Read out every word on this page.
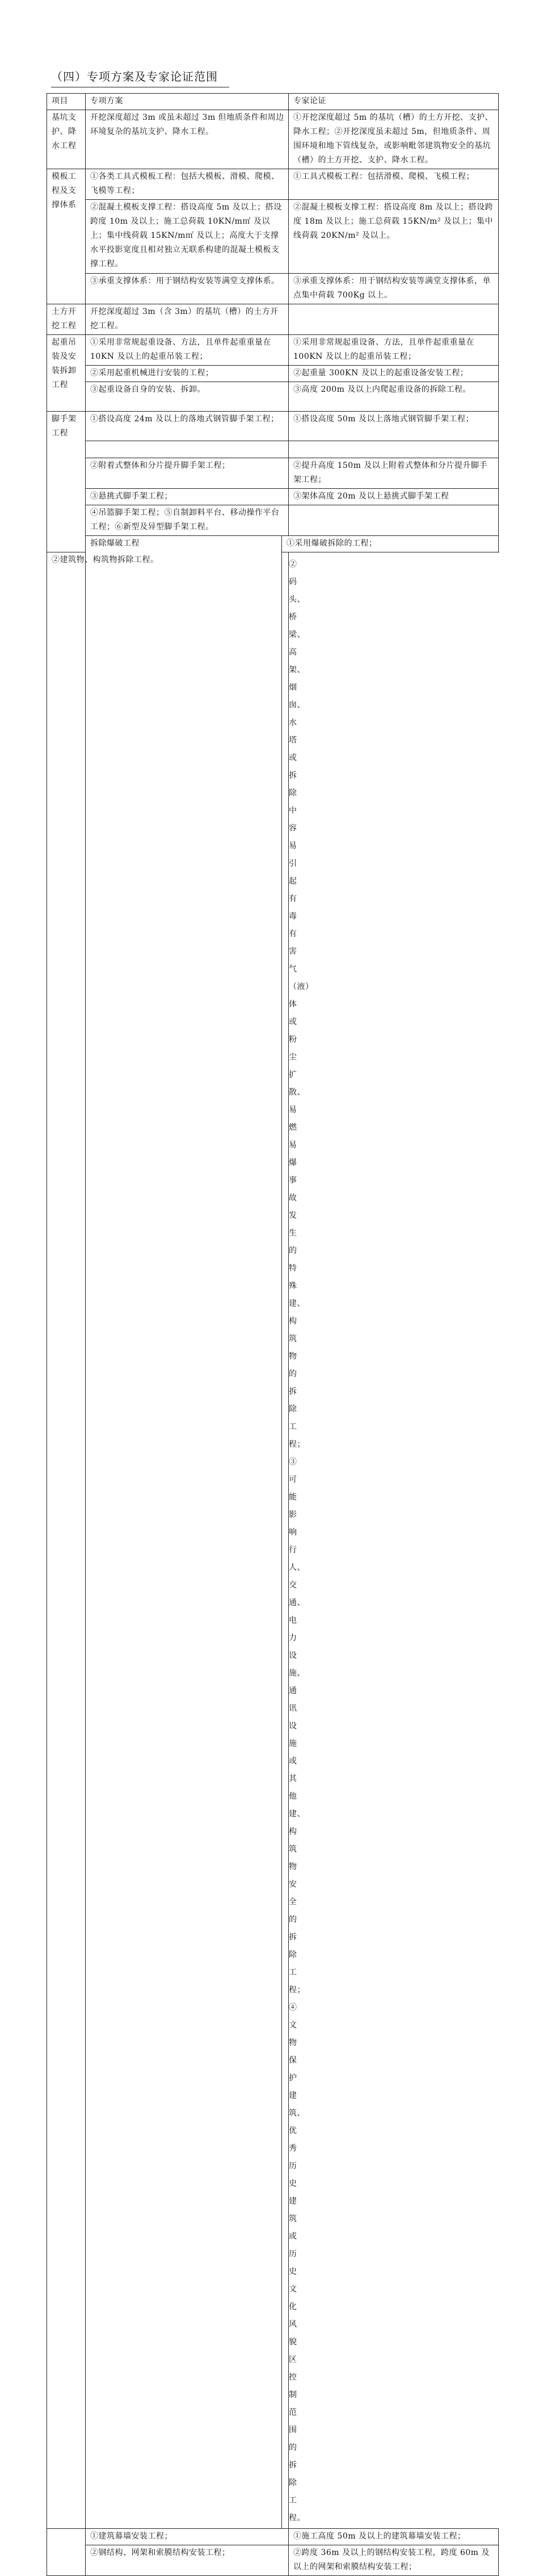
（四）专项方案及专家论证范围
项目	专项方案		专家论证
基坑支护、降水工程	开挖深度超过 3m 或虽未超过 3m 但地质条件和周边环境复杂的基坑支护、降水工程。		①开挖深度超过 5m 的基坑（槽）的土方开挖、支护、降水工程；②开挖深度虽未超过 5m，但地质条件、周围环境和地下管线复杂，或影响毗邻建筑物安全的基坑（槽）的土方开挖、支护、降水工程。
模板工程及支撑体系	①各类工具式模板工程：包括大模板、滑模、爬模、飞模等工程；		①工具式模板工程：包括滑模、爬模、飞模工程；
	②混凝土模板支撑工程：搭设高度 5m 及以上；搭设跨度 10m 及以上；施工总荷载 10KN/m㎡ 及以上；集中线荷载 15KN/m㎡ 及以上；高度大于支撑水平投影宽度且相对独立无联系构建的混凝土模板支撑工程。		②混凝土模板支撑工程：搭设高度 8m 及以上；搭设跨度 18m 及以上；施工总荷载 15KN/m² 及以上；集中线荷载 20KN/m² 及以上。
	③承重支撑体系：用于钢结构安装等满堂支撑体系。		③承重支撑体系：用于钢结构安装等满堂支撑体系，单点集中荷载 700Kg 以上。
土方开挖工程	开挖深度超过 3m（含 3m）的基坑（槽）的土方开挖工程。		
起重吊装及安装拆卸工程	①采用非常规起重设备、方法，且单件起重重量在 10KN 及以上的起重吊装工程；		①采用非常规起重设备、方法，且单件起重重量在 100KN 及以上的起重吊装工程；
	②采用起重机械进行安装的工程；		②起重量 300KN 及以上的起重设备安装工程；
	③起重设备自身的安装、拆卸。		③高度 200m 及以上内爬起重设备的拆除工程。
脚手架工程	①搭设高度 24m 及以上的落地式钢管脚手架工程；		①搭设高度 50m 及以上落地式钢管脚手架工程；

	②附着式整体和分片提升脚手架工程；		②提升高度 150m 及以上附着式整体和分片提升脚手架工程；
	③悬挑式脚手架工程；		③架体高度 20m 及以上悬挑式脚手架工程
	④吊篮脚手架工程；⑤自制卸料平台、移动操作平台工程；⑥新型及异型脚手架工程。		
	拆除爆破工程	①采用爆破拆除的工程；	
②建筑物、构筑物拆除工程。		②码头、桥梁、高架、烟囱、水塔或拆除中容易引起有毒有害气（液）体或粉尘扩散、易燃易爆事故发生的特殊建、构筑物的拆除工程；③可能影响行人、交通、电力设施、通讯设施或其他建、构筑物安全的拆除工程；④文物保护建筑、优秀历史建筑或历史文化风貌区控制范围的拆除工程。	

	①建筑幕墙安装工程；		①施工高度 50m 及以上的建筑幕墙安装工程；
	②钢结构、网架和索膜结构安装工程；		②跨度 36m 及以上的钢结构安装工程，跨度 60m 及以上的网架和索膜结构安装工程；
